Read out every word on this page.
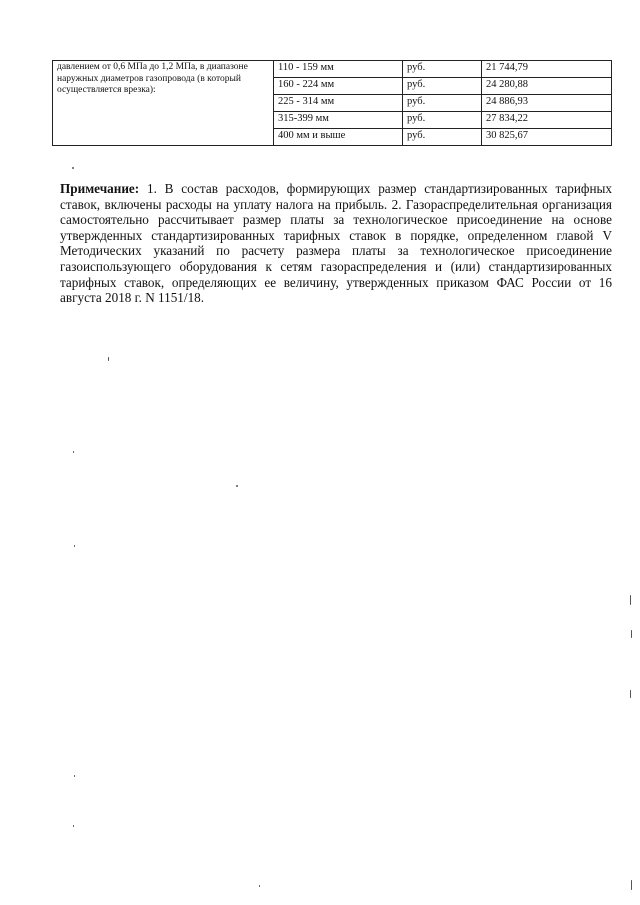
давлением от 0,6 МПа до 1,2 МПа, в диапазоне наружных диаметров газопровода (в который осуществляется врезка):	110 - 159 мм	руб.	21 744,79
	160 - 224 мм	руб.	24 280,88
	225 - 314 мм	руб.	24 886,93
	315-399 мм	руб.	27 834,22
	400 мм и выше	руб.	30 825,67
Примечание: 1. В состав расходов, формирующих размер стандартизированных тарифных ставок, включены расходы на уплату налога на прибыль. 2. Газораспределительная организация самостоятельно рассчитывает размер платы за технологическое присоединение на основе утвержденных стандартизированных тарифных ставок в порядке, определенном главой V Методических указаний по расчету размера платы за технологическое присоединение газоиспользующего оборудования к сетям газораспределения и (или) стандартизированных тарифных ставок, определяющих ее величину, утвержденных приказом ФАС России от 16 августа 2018 г. N 1151/18.
